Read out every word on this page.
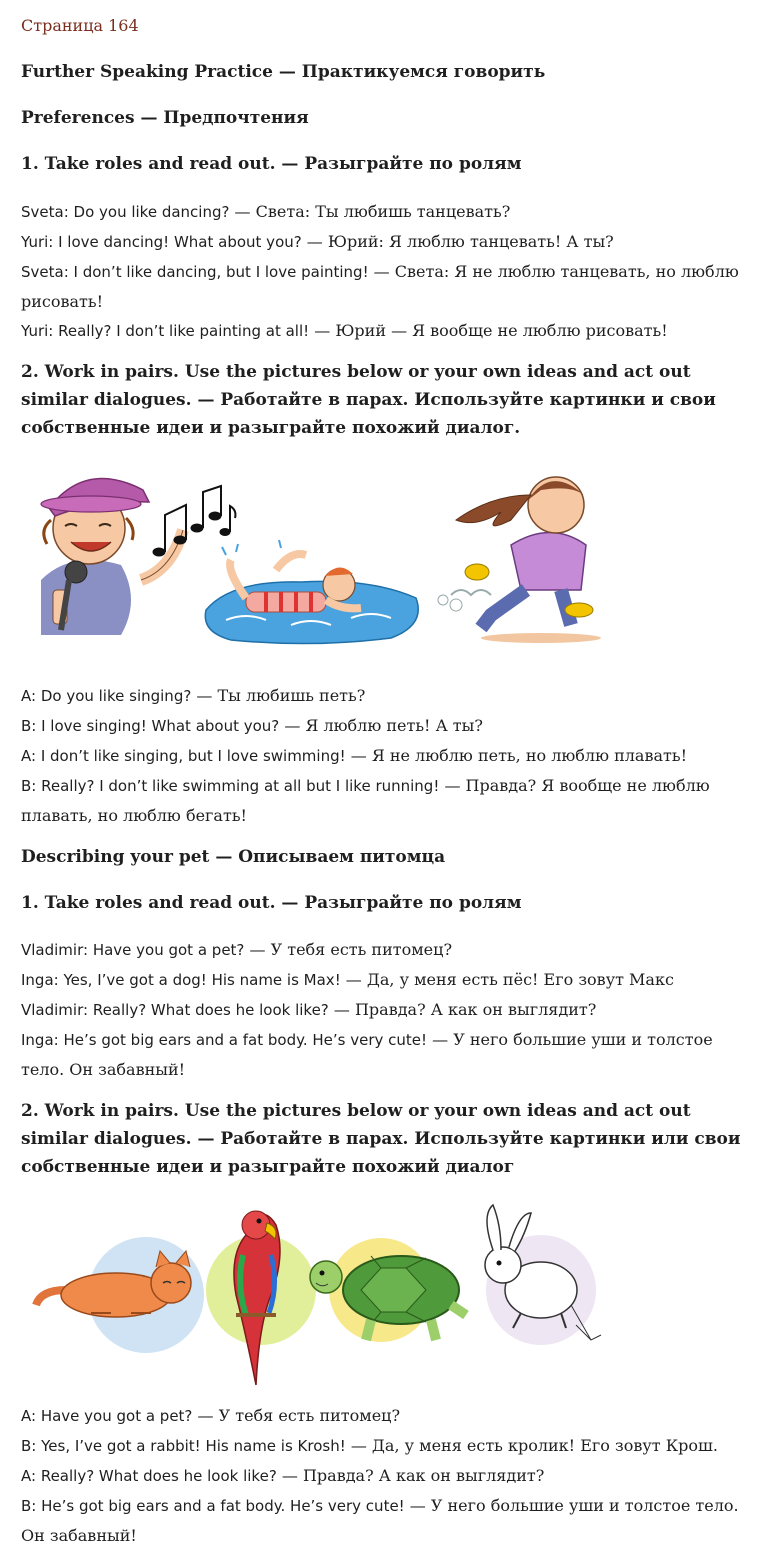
Страница 164
Further Speaking Practice — Практикуемся говорить
Preferences — Предпочтения
1. Take roles and read out. — Разыграйте по ролям
Sveta: Do you like dancing? — Света: Ты любишь танцевать?
Yuri: I love dancing! What about you? — Юрий: Я люблю танцевать! А ты?
Sveta: I don’t like dancing, but I love painting! — Света: Я не люблю танцевать, но люблю рисовать!
Yuri: Really? I don’t like painting at all! — Юрий — Я вообще не люблю рисовать!
2. Work in pairs. Use the pictures below or your own ideas and act out similar dialogues. — Работайте в парах. Используйте картинки и свои собственные идеи и разыграйте похожий диалог.
A: Do you like singing? — Ты любишь петь?
B: I love singing! What about you? — Я люблю петь! А ты?
A: I don’t like singing, but I love swimming! — Я не люблю петь, но люблю плавать!
B: Really? I don’t like swimming at all but I like running! — Правда? Я вообще не люблю плавать, но люблю бегать!
Describing your pet — Описываем питомца
1. Take roles and read out. — Разыграйте по ролям
Vladimir: Have you got a pet? — У тебя есть питомец?
Inga: Yes, I’ve got a dog! His name is Max! — Да, у меня есть пёс! Его зовут Макс
Vladimir: Really? What does he look like? — Правда? А как он выглядит?
Inga: He’s got big ears and a fat body. He’s very cute! — У него большие уши и толстое тело. Он забавный!
2. Work in pairs. Use the pictures below or your own ideas and act out similar dialogues. — Работайте в парах. Используйте картинки или свои собственные идеи и разыграйте похожий диалог
A: Have you got a pet? — У тебя есть питомец?
B: Yes, I’ve got a rabbit! His name is Krosh! — Да, у меня есть кролик! Его зовут Крош.
A: Really? What does he look like? — Правда? А как он выглядит?
B: He’s got big ears and a fat body. He’s very cute! — У него большие уши и толстое тело. Он забавный!
